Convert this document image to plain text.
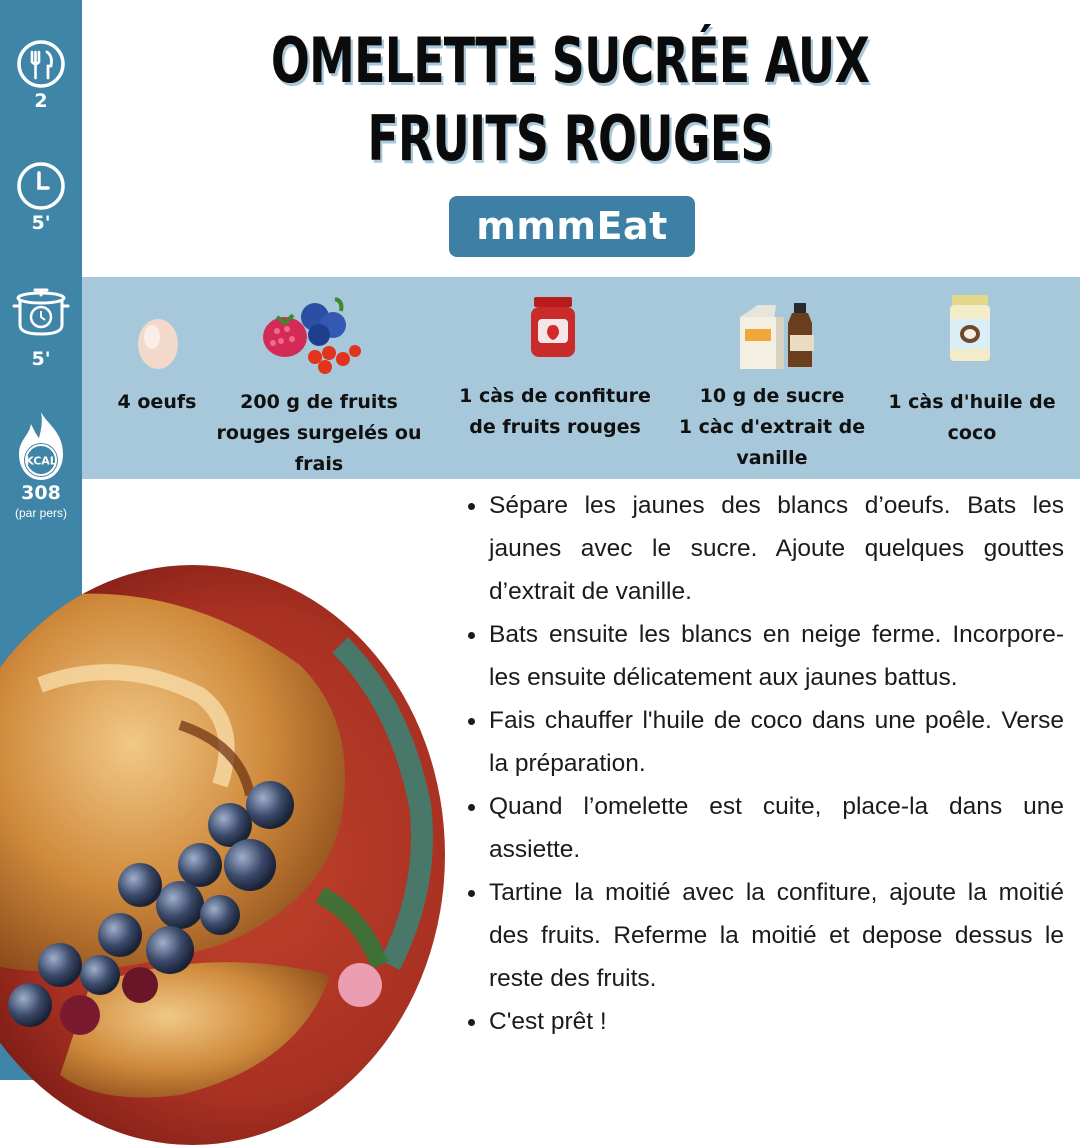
2
5'
5'
KCAL
308
(par pers)
OMELETTE SUCRÉE AUX FRUITS ROUGES
mmmEat
4 oeufs	200 g de fruits
rouges surgelés ou
frais
1 càs de confiture
de fruits rouges
10 g de sucre
1 càc d'extrait de
vanille
1 càs d'huile de
coco
Sépare les jaunes des blancs d’oeufs. Bats les jaunes avec le sucre. Ajoute quelques gouttes d’extrait de vanille.
Bats ensuite les blancs en neige ferme. Incorpore-les ensuite délicatement aux jaunes battus.
Fais chauffer l'huile de coco dans une poêle. Verse la préparation.
Quand l’omelette est cuite, place-la dans une assiette.
Tartine la moitié avec la confiture, ajoute la moitié des fruits. Referme la moitié et depose dessus le reste des fruits.
C'est prêt !
